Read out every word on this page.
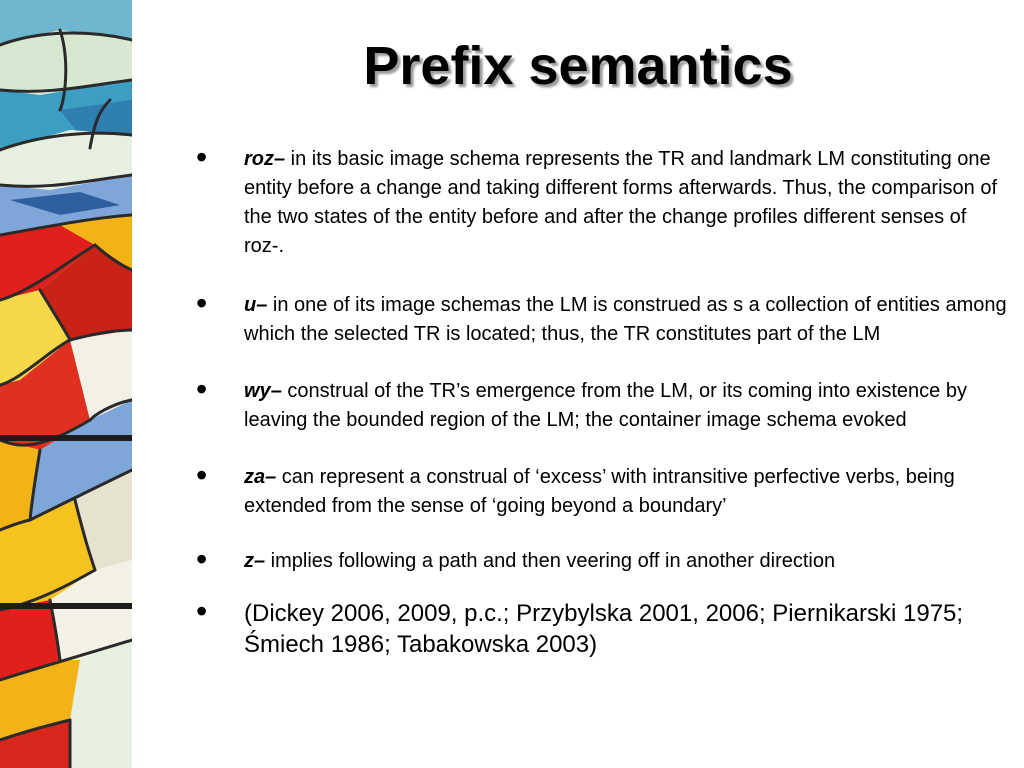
Prefix semantics
• roz– in its basic image schema represents the TR and landmark LM constituting one entity before a change and taking different forms afterwards. Thus, the comparison of the two states of the entity before and after the change profiles different senses of roz-.
• u– in one of its image schemas the LM is construed as s a collection of entities among which the selected TR is located; thus, the TR constitutes part of the LM
• wy– construal of the TR’s emergence from the LM, or its coming into existence by leaving the bounded region of the LM; the container image schema evoked
• za– can represent a construal of ‘excess’ with intransitive perfective verbs, being extended from the sense of ‘going beyond a boundary’
• z– implies following a path and then veering off in another direction
• (Dickey 2006, 2009, p.c.; Przybylska 2001, 2006; Piernikarski 1975; Śmiech 1986; Tabakowska 2003)
